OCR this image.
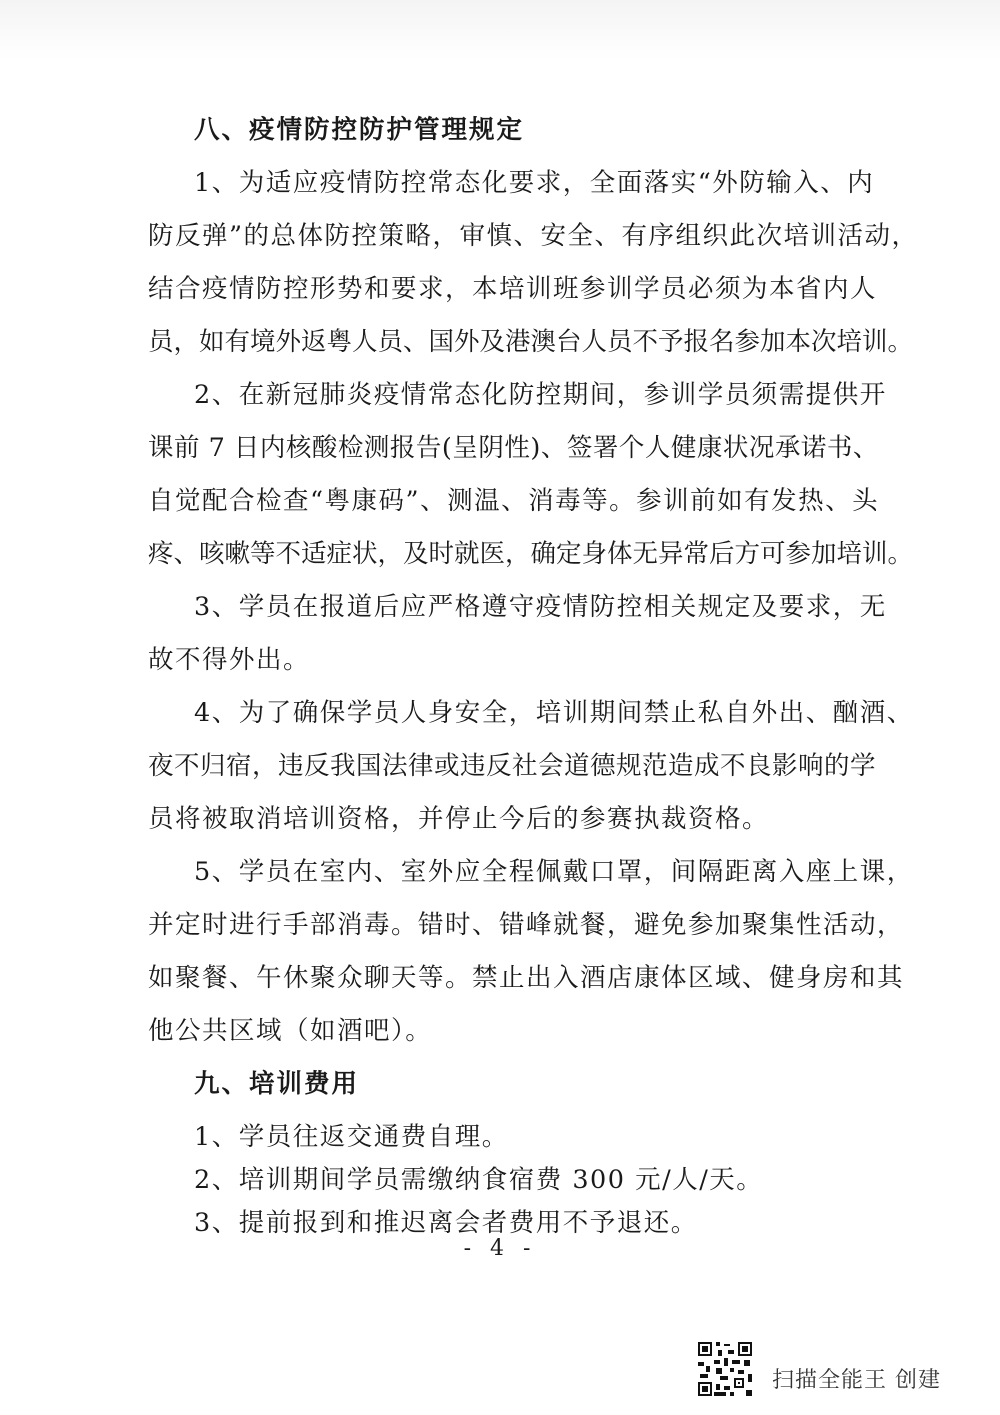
八、疫情防控防护管理规定
1、为适应疫情防控常态化要求，全面落实“外防输入、内
防反弹”的总体防控策略，审慎、安全、有序组织此次培训活动，
结合疫情防控形势和要求，本培训班参训学员必须为本省内人
员，如有境外返粤人员、国外及港澳台人员不予报名参加本次培训。
2、在新冠肺炎疫情常态化防控期间，参训学员须需提供开
课前 7 日内核酸检测报告(呈阴性)、签署个人健康状况承诺书、
自觉配合检查“粤康码”、测温、消毒等。参训前如有发热、头
疼、咳嗽等不适症状，及时就医，确定身体无异常后方可参加培训。
3、学员在报道后应严格遵守疫情防控相关规定及要求，无
故不得外出。
4、为了确保学员人身安全，培训期间禁止私自外出、酗酒、
夜不归宿，违反我国法律或违反社会道德规范造成不良影响的学
员将被取消培训资格，并停止今后的参赛执裁资格。
5、学员在室内、室外应全程佩戴口罩，间隔距离入座上课，
并定时进行手部消毒。错时、错峰就餐，避免参加聚集性活动，
如聚餐、午休聚众聊天等。禁止出入酒店康体区域、健身房和其
他公共区域（如酒吧）。
九、培训费用
1、学员往返交通费自理。
2、培训期间学员需缴纳食宿费 300 元/人/天。
3、提前报到和推迟离会者费用不予退还。
- 4 -
扫描全能王 创建
